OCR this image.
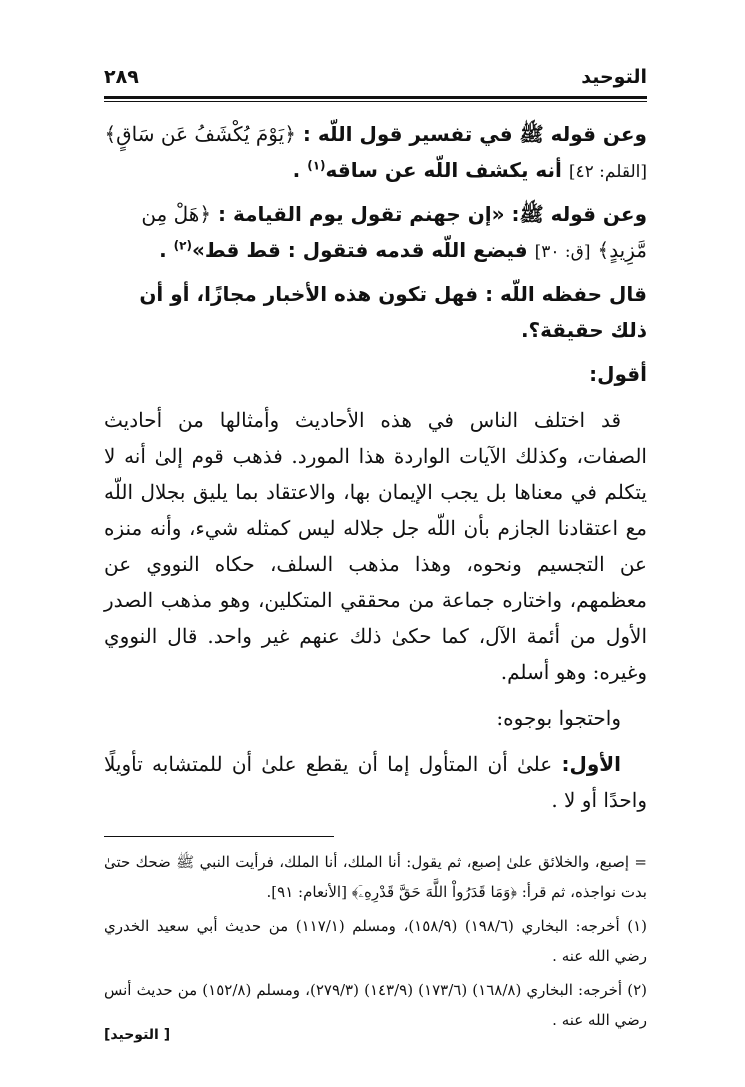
التوحيد
٢٨٩

وعن قوله ﷺ في تفسير قول اللّه : ﴿يَوْمَ يُكْشَفُ عَن سَاقٍ﴾ [القلم: ٤٢] أنه يكشف اللّه عن ساقه$^{(١)}$ .

وعن قوله ﷺ: «إن جهنم تقول يوم القيامة : ﴿هَلْ مِن مَّزِيدٍ﴾ [ق: ٣٠] فيضع اللّه قدمه فتقول : قط قط»$^{(٢)}$ .

قال حفظه اللّه : فهل تكون هذه الأخبار مجازًا، أو أن ذلك حقيقة؟.

أقول:

قد اختلف الناس في هذه الأحاديث وأمثالها من أحاديث الصفات، وكذلك الآيات الواردة هذا المورد. فذهب قوم إلىٰ أنه لا يتكلم في معناها بل يجب الإيمان بها، والاعتقاد بما يليق بجلال اللّه مع اعتقادنا الجازم بأن اللّه جل جلاله ليس كمثله شيء، وأنه منزه عن التجسيم ونحوه، وهذا مذهب السلف، حكاه النووي عن معظمهم، واختاره جماعة من محققي المتكلين، وهو مذهب الصدر الأول من أئمة الآل، كما حكىٰ ذلك عنهم غير واحد. قال النووي وغيره: وهو أسلم.

واحتجوا بوجوه:

الأول: علىٰ أن المتأول إما أن يقطع علىٰ أن للمتشابه تأويلًا واحدًا أو لا .

= إصبع، والخلائق علىٰ إصبع، ثم يقول: أنا الملك، أنا الملك، فرأيت النبي ﷺ ضحك حتىٰ بدت نواجذه، ثم قرأ: ﴿وَمَا قَدَرُواْ اللَّهَ حَقَّ قَدْرِهِۦٓ﴾ [الأنعام: ٩١].

(١) أخرجه: البخاري (١٩٨/٦) (١٥٨/٩)، ومسلم (١١٧/١) من حديث أبي سعيد الخدري رضي الله عنه .

(٢) أخرجه: البخاري (١٦٨/٨) (١٧٣/٦) (١٤٣/٩) (٢٧٩/٣)، ومسلم (١٥٢/٨) من حديث أنس رضي الله عنه .

[ التوحيد]
